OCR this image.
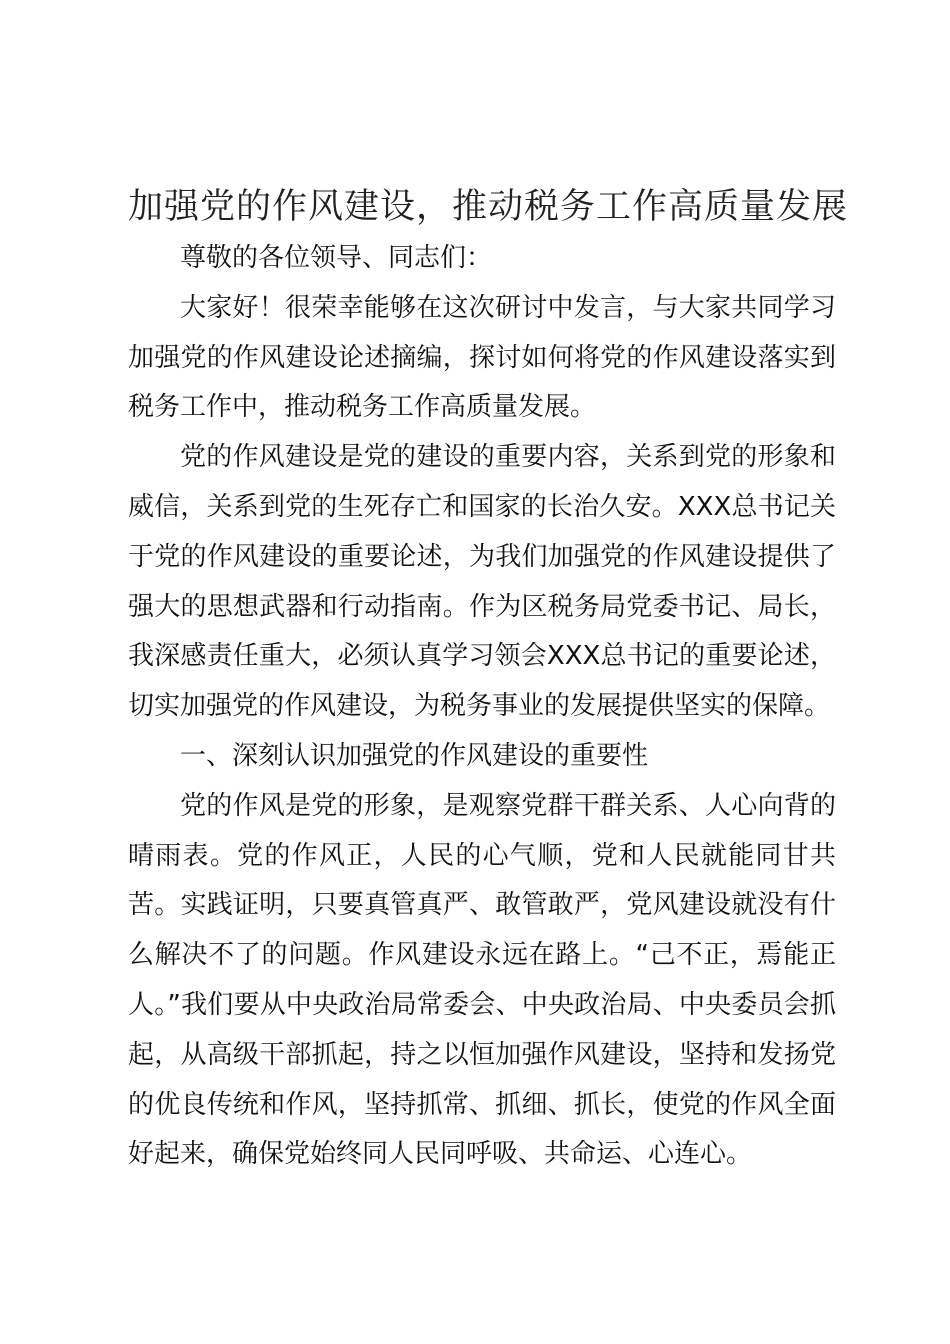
加强党的作风建设，推动税务工作高质量发展

尊敬的各位领导、同志们：

大家好！很荣幸能够在这次研讨中发言，与大家共同学习加强党的作风建设论述摘编，探讨如何将党的作风建设落实到税务工作中，推动税务工作高质量发展。

党的作风建设是党的建设的重要内容，关系到党的形象和威信，关系到党的生死存亡和国家的长治久安。XXX总书记关于党的作风建设的重要论述，为我们加强党的作风建设提供了强大的思想武器和行动指南。作为区税务局党委书记、局长，我深感责任重大，必须认真学习领会XXX总书记的重要论述，切实加强党的作风建设，为税务事业的发展提供坚实的保障。

一、深刻认识加强党的作风建设的重要性

党的作风是党的形象，是观察党群干群关系、人心向背的晴雨表。党的作风正，人民的心气顺，党和人民就能同甘共苦。实践证明，只要真管真严、敢管敢严，党风建设就没有什么解决不了的问题。作风建设永远在路上。“己不正，焉能正人。”我们要从中央政治局常委会、中央政治局、中央委员会抓起，从高级干部抓起，持之以恒加强作风建设，坚持和发扬党的优良传统和作风，坚持抓常、抓细、抓长，使党的作风全面好起来，确保党始终同人民同呼吸、共命运、心连心。
